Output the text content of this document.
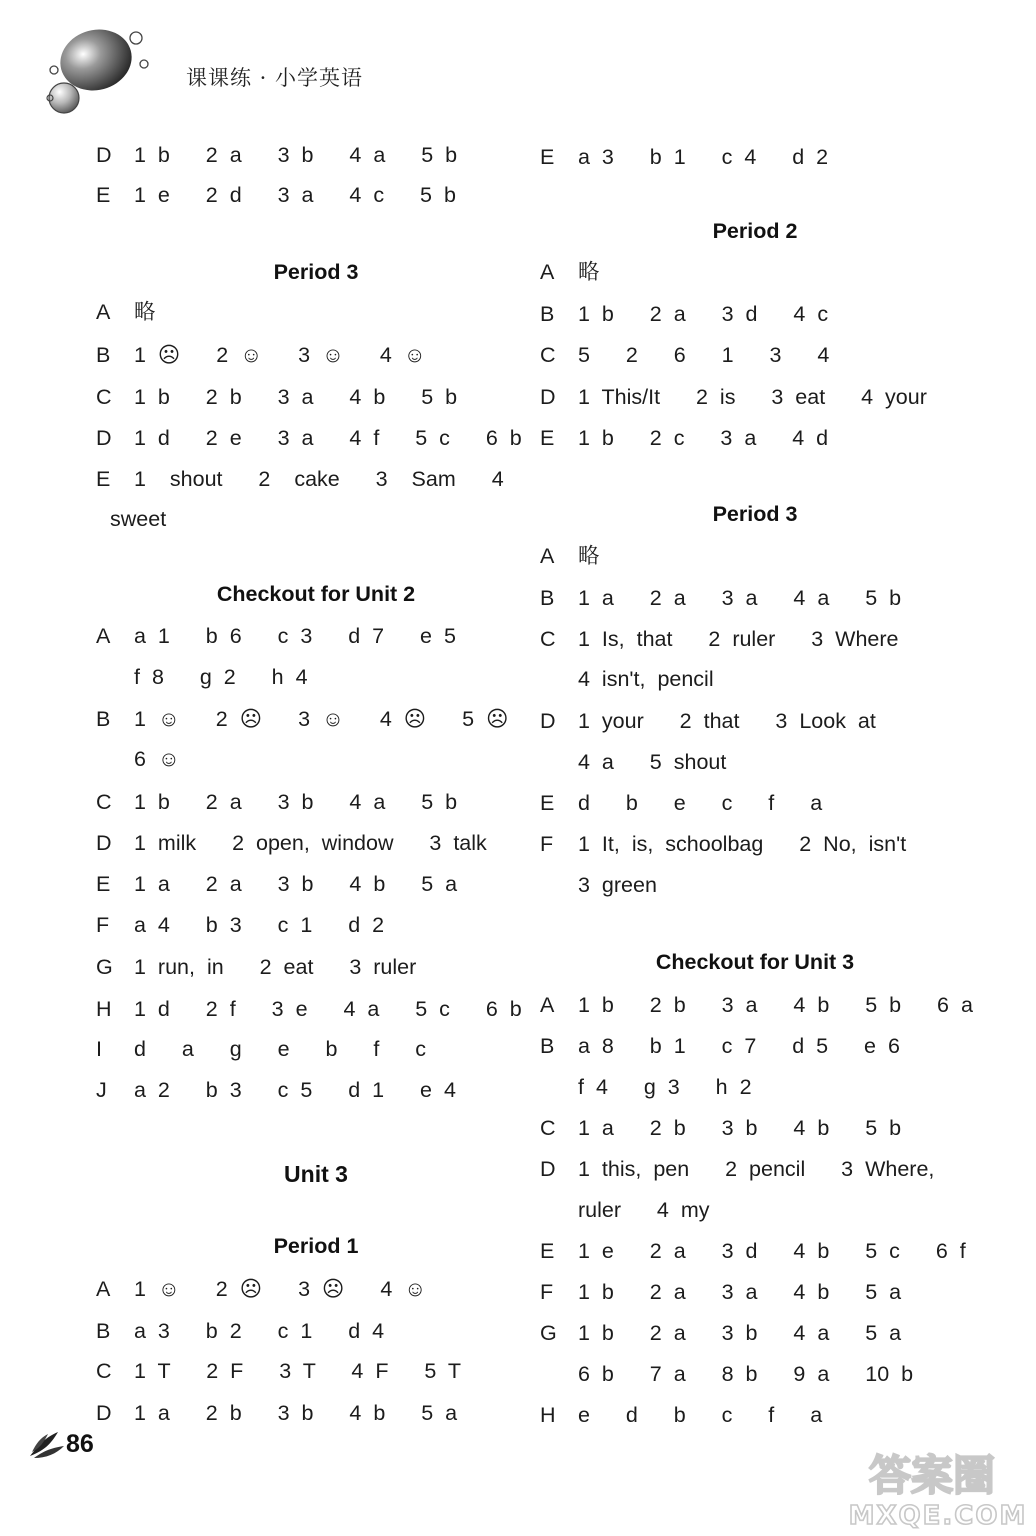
课课练 · 小学英语
D 1 b   2 a   3 b   4 a   5 b
E 1 e   2 d   3 a   4 c   5 b
Period 3
A 略
B 1 ☹   2 ☺   3 ☺   4 ☺
C 1 b   2 b   3 a   4 b   5 b
D 1 d   2 e   3 a   4 f   5 c   6 b
E 1  shout   2  cake   3  Sam   4
sweet
Checkout for Unit 2
A a 1   b 6   c 3   d 7   e 5
f 8   g 2   h 4
B 1 ☺   2 ☹   3 ☺   4 ☹   5 ☹
6 ☺
C 1 b   2 a   3 b   4 a   5 b
D 1 milk   2 open, window   3 talk
E 1 a   2 a   3 b   4 b   5 a
F a 4   b 3   c 1   d 2
G 1 run, in   2 eat   3 ruler
H 1 d   2 f   3 e   4 a   5 c   6 b
I d   a   g   e   b   f   c
J a 2   b 3   c 5   d 1   e 4
Unit 3
Period 1
A 1 ☺   2 ☹   3 ☹   4 ☺
B a 3   b 2   c 1   d 4
C 1 T   2 F   3 T   4 F   5 T
D 1 a   2 b   3 b   4 b   5 a
E a 3   b 1   c 4   d 2
Period 2
A 略
B 1 b   2 a   3 d   4 c
C 5   2   6   1   3   4
D 1 This/It   2 is   3 eat   4 your
E 1 b   2 c   3 a   4 d
Period 3
A 略
B 1 a   2 a   3 a   4 a   5 b
C 1 Is, that   2 ruler   3 Where
4 isn't, pencil
D 1 your   2 that   3 Look at
4 a   5 shout
E d   b   e   c   f   a
F 1 It, is, schoolbag   2 No, isn't
3 green
Checkout for Unit 3
A 1 b   2 b   3 a   4 b   5 b   6 a
B a 8   b 1   c 7   d 5   e 6
f 4   g 3   h 2
C 1 a   2 b   3 b   4 b   5 b
D 1 this, pen   2 pencil   3 Where,
ruler   4 my
E 1 e   2 a   3 d   4 b   5 c   6 f
F 1 b   2 a   3 a   4 b   5 a
G 1 b   2 a   3 b   4 a   5 a
6 b   7 a   8 b   9 a   10 b
H e   d   b   c   f   a
86
答案圈
MXQE.COM
